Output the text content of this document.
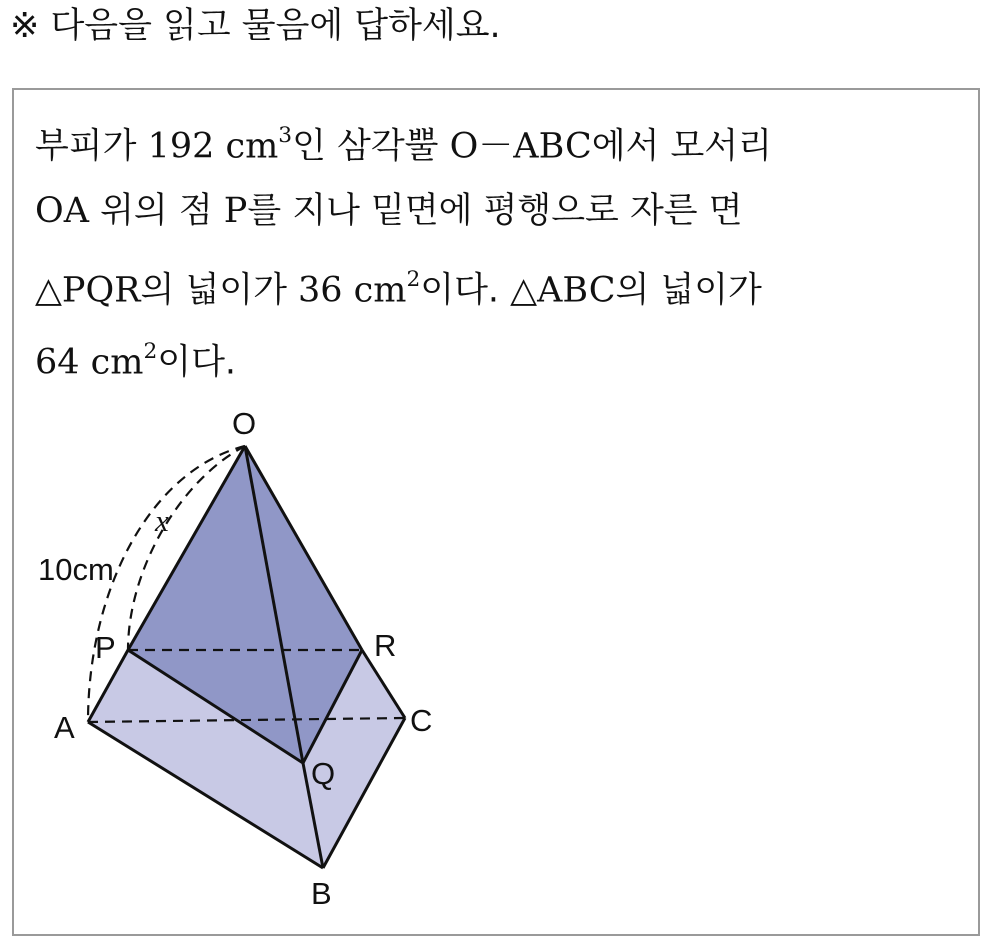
※ 다음을 읽고 물음에 답하세요.
부피가 192 $cm^3$인 삼각뿔 O－ABC에서 모서리
OA 위의 점 P를 지나 밑면에 평행으로 자른 면
△PQR의 넓이가 36 $cm^2$이다. △ABC의 넓이가
64 $cm^2$이다.
O
P	R
A	C
Q
B
10cm
x
